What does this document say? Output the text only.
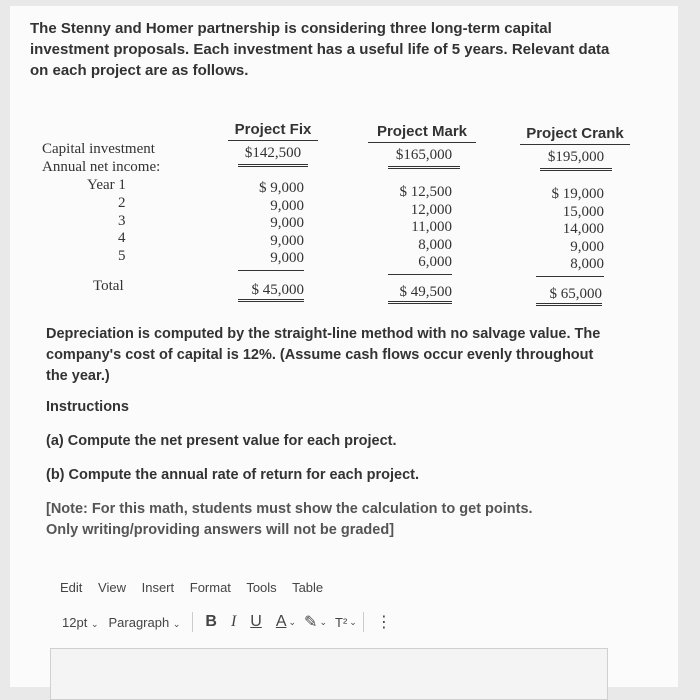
The Stenny and Homer partnership is considering three long-term capital investment proposals. Each investment has a useful life of 5 years. Relevant data on each project are as follows.
Capital investment
Annual net income:
Year 1
2
3
4
5
Total
Project Fix
$142,500
$ 9,000
9,000
9,000
9,000
9,000
$ 45,000
Project Mark
$165,000
$ 12,500
12,000
11,000
8,000
6,000
$ 49,500
Project Crank
$195,000
$ 19,000
15,000
14,000
9,000
8,000
$ 65,000
Depreciation is computed by the straight-line method with no salvage value. The company's cost of capital is 12%. (Assume cash flows occur evenly throughout the year.)
Instructions
(a) Compute the net present value for each project.
(b) Compute the annual rate of return for each project.
[Note: For this math, students must show the calculation to get points. Only writing/providing answers will not be graded]
Edit View Insert Format Tools Table
12pt ⌄ Paragraph ⌄ B I U A ⌄ ✎ ⌄ T² ⌄ ⋮
